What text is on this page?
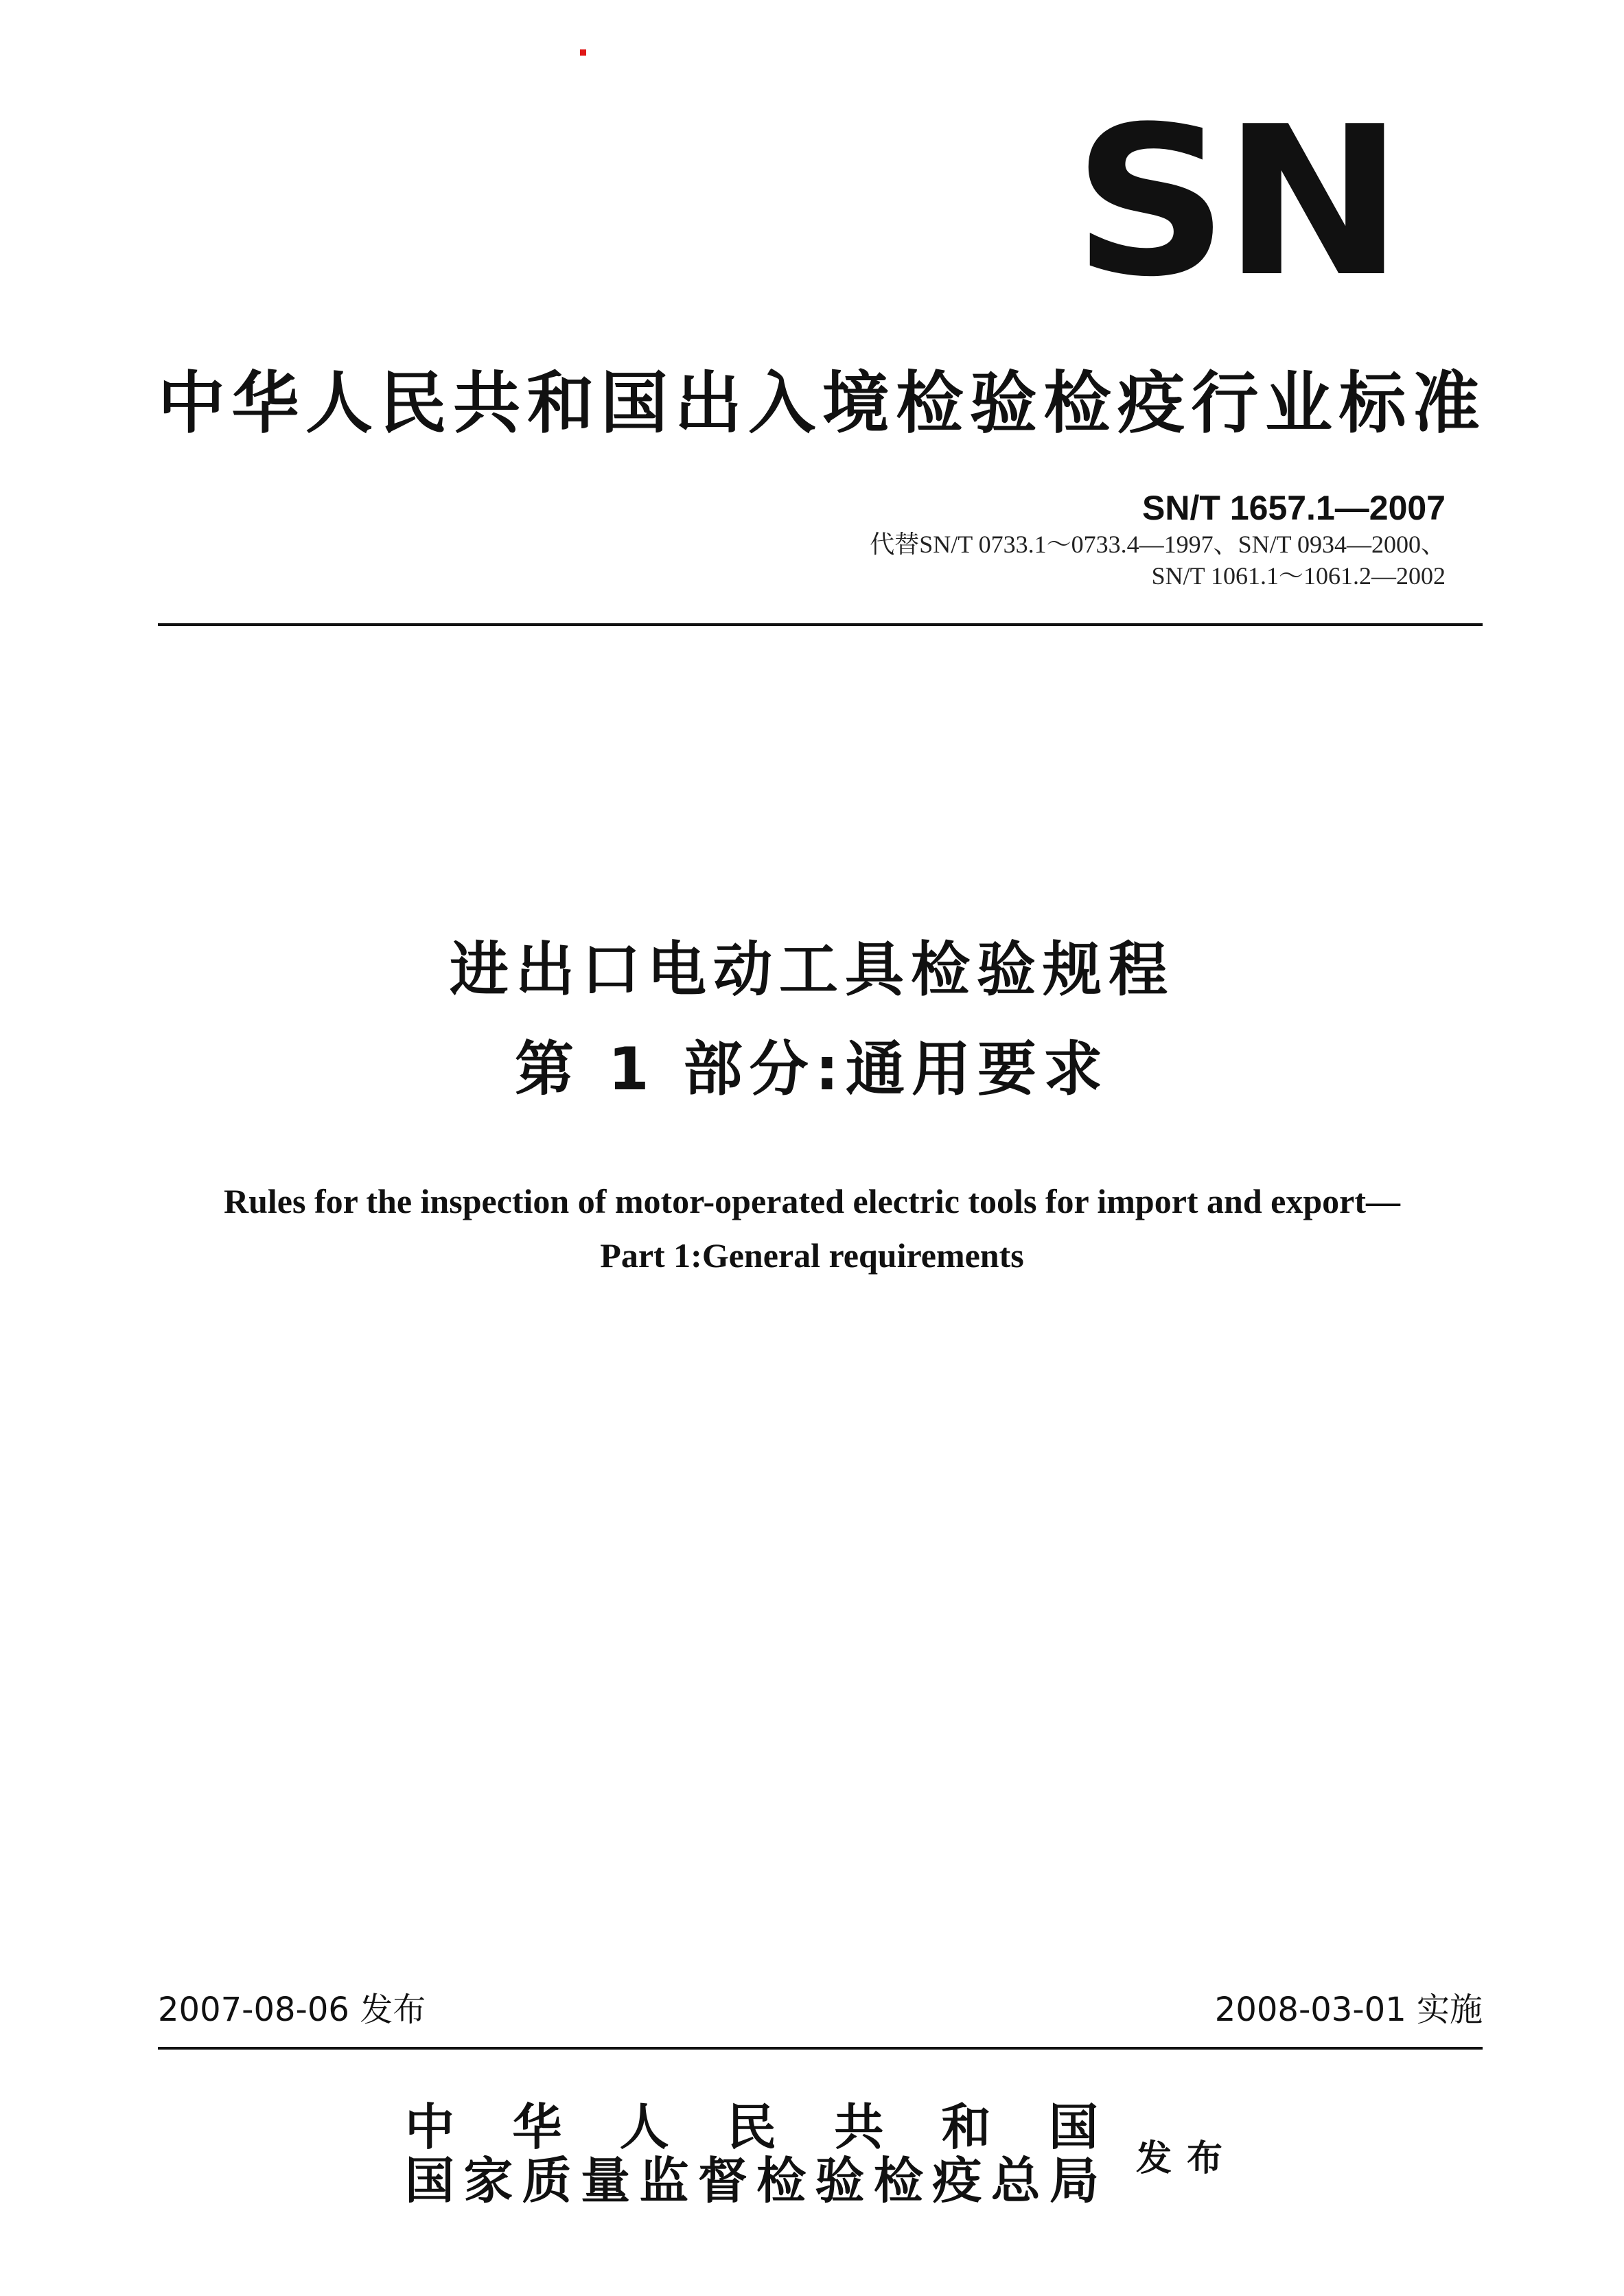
SN
中华人民共和国出入境检验检疫行业标准
SN/T 1657.1—2007
代替SN/T 0733.1～0733.4—1997、SN/T 0934—2000、
SN/T 1061.1～1061.2—2002
进出口电动工具检验规程
第 1 部分:通用要求
Rules for the inspection of motor-operated electric tools for import and export—
Part 1:General requirements
2007-08-06 发布	2008-03-01 实施
中华人民共和国
国家质量监督检验检疫总局 发布
